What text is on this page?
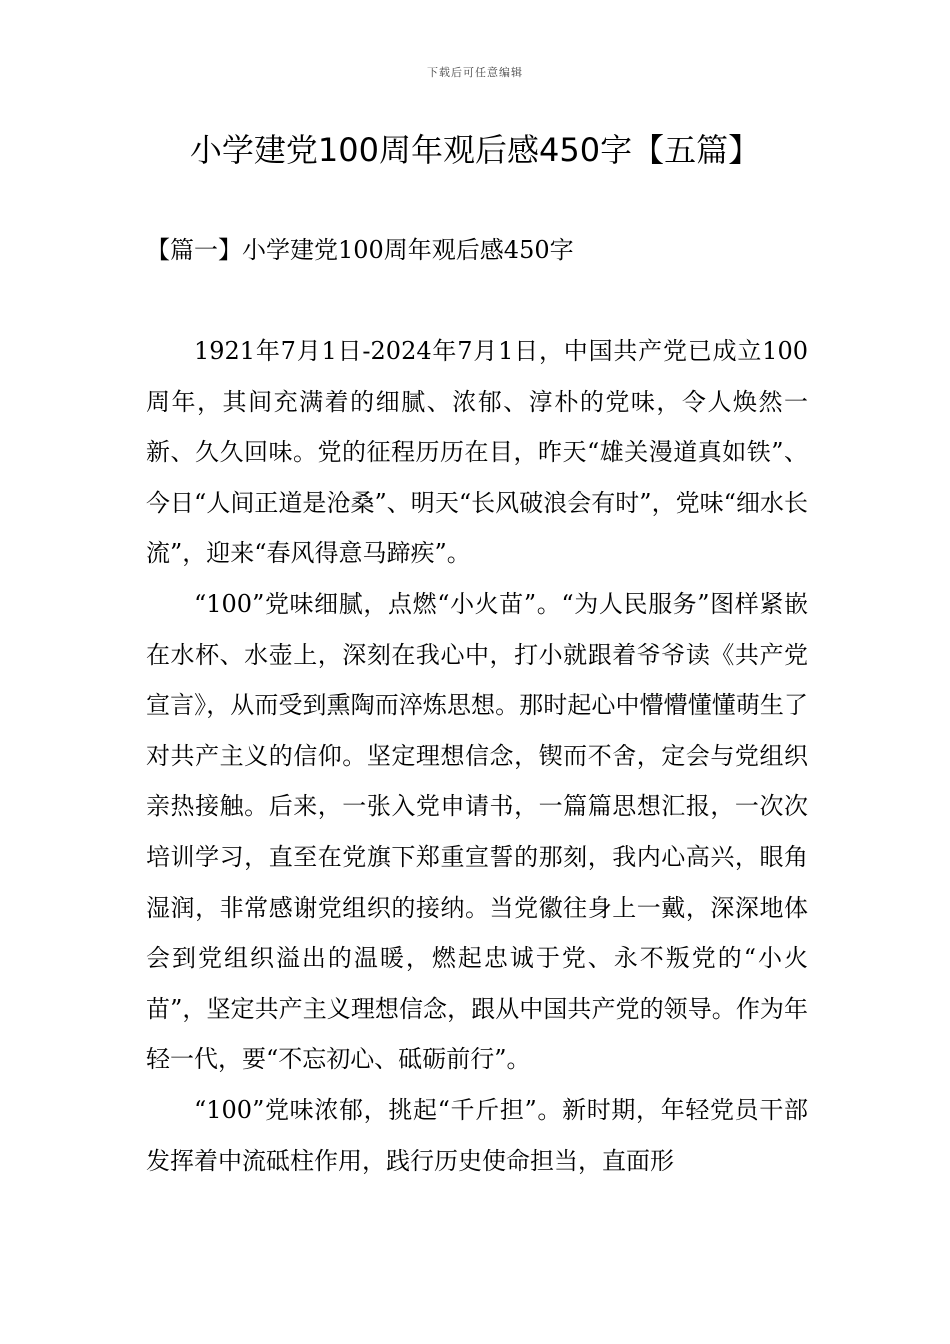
下载后可任意编辑
小学建党100周年观后感450字【五篇】
【篇一】小学建党100周年观后感450字

1921年7月1日-2024年7月1日，中国共产党已成立100周年，其间充满着的细腻、浓郁、淳朴的党味，令人焕然一新、久久回味。党的征程历历在目，昨天“雄关漫道真如铁”、今日“人间正道是沧桑”、明天“长风破浪会有时”，党味“细水长流”，迎来“春风得意马蹄疾”。

“100”党味细腻，点燃“小火苗”。“为人民服务”图样紧嵌在水杯、水壶上，深刻在我心中，打小就跟着爷爷读《共产党宣言》，从而受到熏陶而淬炼思想。那时起心中懵懵懂懂萌生了对共产主义的信仰。坚定理想信念，锲而不舍，定会与党组织亲热接触。后来，一张入党申请书，一篇篇思想汇报，一次次培训学习，直至在党旗下郑重宣誓的那刻，我内心高兴，眼角湿润，非常感谢党组织的接纳。当党徽往身上一戴，深深地体会到党组织溢出的温暖，燃起忠诚于党、永不叛党的“小火苗”，坚定共产主义理想信念，跟从中国共产党的领导。作为年轻一代，要“不忘初心、砥砺前行”。

“100”党味浓郁，挑起“千斤担”。新时期，年轻党员干部发挥着中流砥柱作用，践行历史使命担当，直面形
